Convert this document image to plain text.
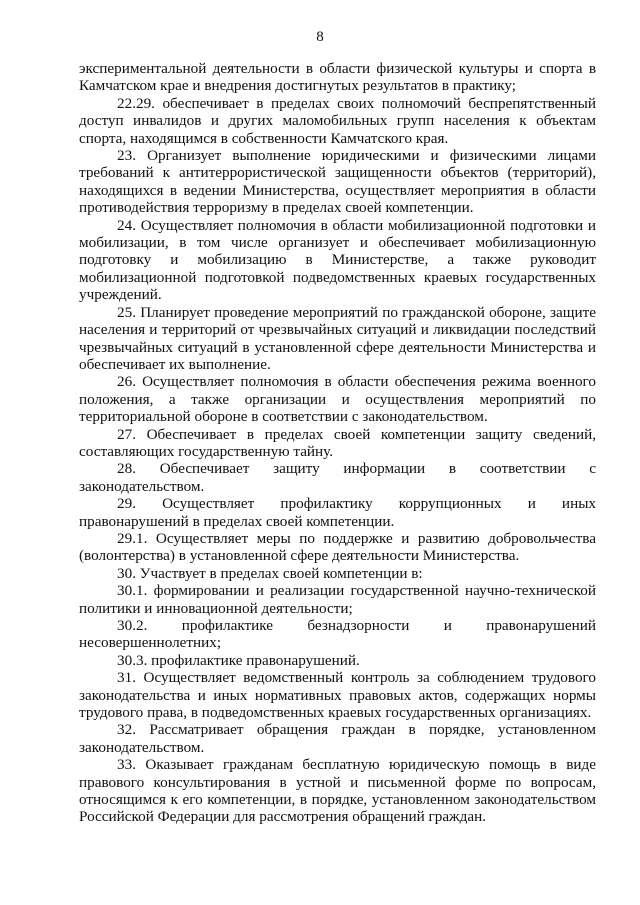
8

экспериментальной деятельности в области физической культуры и спорта в Камчатском крае и внедрения достигнутых результатов в практику;

22.29. обеспечивает в пределах своих полномочий беспрепятственный доступ инвалидов и других маломобильных групп населения к объектам спорта, находящимся в собственности Камчатского края.

23. Организует выполнение юридическими и физическими лицами требований к антитеррористической защищенности объектов (территорий), находящихся в ведении Министерства, осуществляет мероприятия в области противодействия терроризму в пределах своей компетенции.

24. Осуществляет полномочия в области мобилизационной подготовки и мобилизации, в том числе организует и обеспечивает мобилизационную подготовку и мобилизацию в Министерстве, а также руководит мобилизационной подготовкой подведомственных краевых государственных учреждений.

25. Планирует проведение мероприятий по гражданской обороне, защите населения и территорий от чрезвычайных ситуаций и ликвидации последствий чрезвычайных ситуаций в установленной сфере деятельности Министерства и обеспечивает их выполнение.

26. Осуществляет полномочия в области обеспечения режима военного положения, а также организации и осуществления мероприятий по территориальной обороне в соответствии с законодательством.

27. Обеспечивает в пределах своей компетенции защиту сведений, составляющих государственную тайну.

28. Обеспечивает защиту информации в соответствии с законодательством.

29. Осуществляет профилактику коррупционных и иных правонарушений в пределах своей компетенции.

29.1. Осуществляет меры по поддержке и развитию добровольчества (волонтерства) в установленной сфере деятельности Министерства.

30. Участвует в пределах своей компетенции в:

30.1. формировании и реализации государственной научно-технической политики и инновационной деятельности;

30.2. профилактике безнадзорности и правонарушений несовершеннолетних;

30.3. профилактике правонарушений.

31. Осуществляет ведомственный контроль за соблюдением трудового законодательства и иных нормативных правовых актов, содержащих нормы трудового права, в подведомственных краевых государственных организациях.

32. Рассматривает обращения граждан в порядке, установленном законодательством.

33. Оказывает гражданам бесплатную юридическую помощь в виде правового консультирования в устной и письменной форме по вопросам, относящимся к его компетенции, в порядке, установленном законодательством Российской Федерации для рассмотрения обращений граждан.
